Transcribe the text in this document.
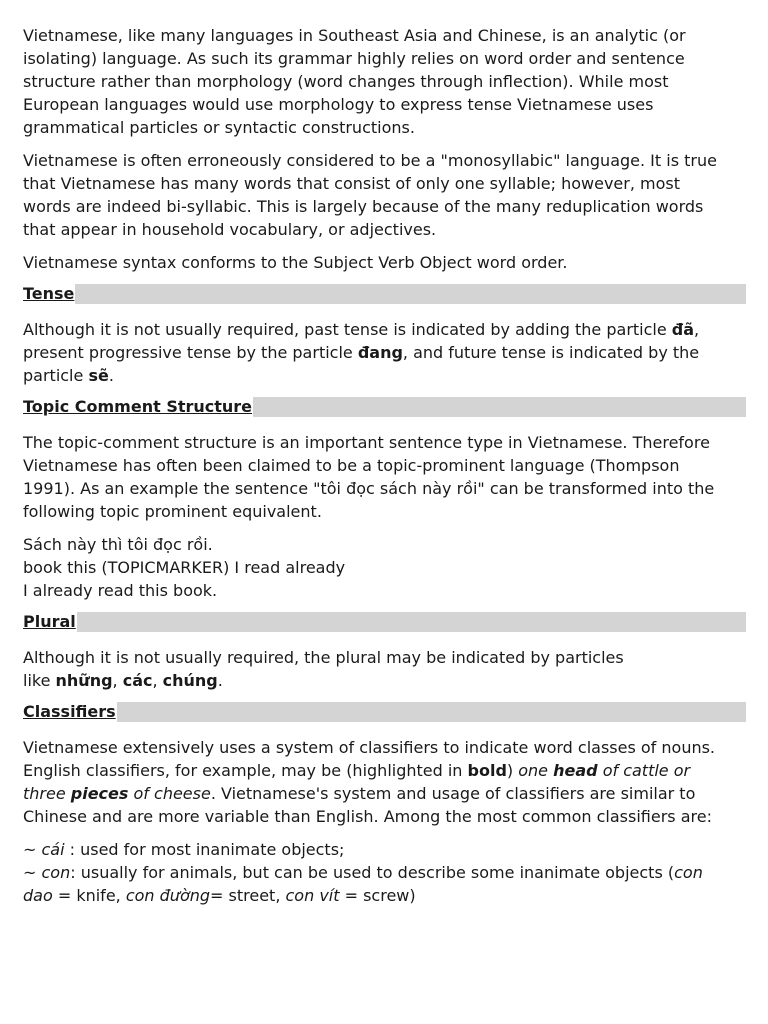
Vietnamese, like many languages in Southeast Asia and Chinese, is an analytic (or
isolating) language. As such its grammar highly relies on word order and sentence
structure rather than morphology (word changes through inflection). While most
European languages would use morphology to express tense Vietnamese uses
grammatical particles or syntactic constructions.
Vietnamese is often erroneously considered to be a "monosyllabic" language. It is true
that Vietnamese has many words that consist of only one syllable; however, most
words are indeed bi-syllabic. This is largely because of the many reduplication words
that appear in household vocabulary, or adjectives.
Vietnamese syntax conforms to the Subject Verb Object word order.
Tense
Although it is not usually required, past tense is indicated by adding the particle đã,
present progressive tense by the particle đang, and future tense is indicated by the
particle sẽ.
Topic Comment Structure
The topic-comment structure is an important sentence type in Vietnamese. Therefore
Vietnamese has often been claimed to be a topic-prominent language (Thompson
1991). As an example the sentence "tôi đọc sách này rồi" can be transformed into the
following topic prominent equivalent.
Sách này thì tôi đọc rồi.
book this (TOPICMARKER) I read already
I already read this book.
Plural
Although it is not usually required, the plural may be indicated by particles
like những, các, chúng.
Classifiers
Vietnamese extensively uses a system of classifiers to indicate word classes of nouns.
English classifiers, for example, may be (highlighted in bold) one head of cattle or
three pieces of cheese. Vietnamese's system and usage of classifiers are similar to
Chinese and are more variable than English. Among the most common classifiers are:
~ cái : used for most inanimate objects;
~ con: usually for animals, but can be used to describe some inanimate objects (con
dao = knife, con đường= street, con vít = screw)
